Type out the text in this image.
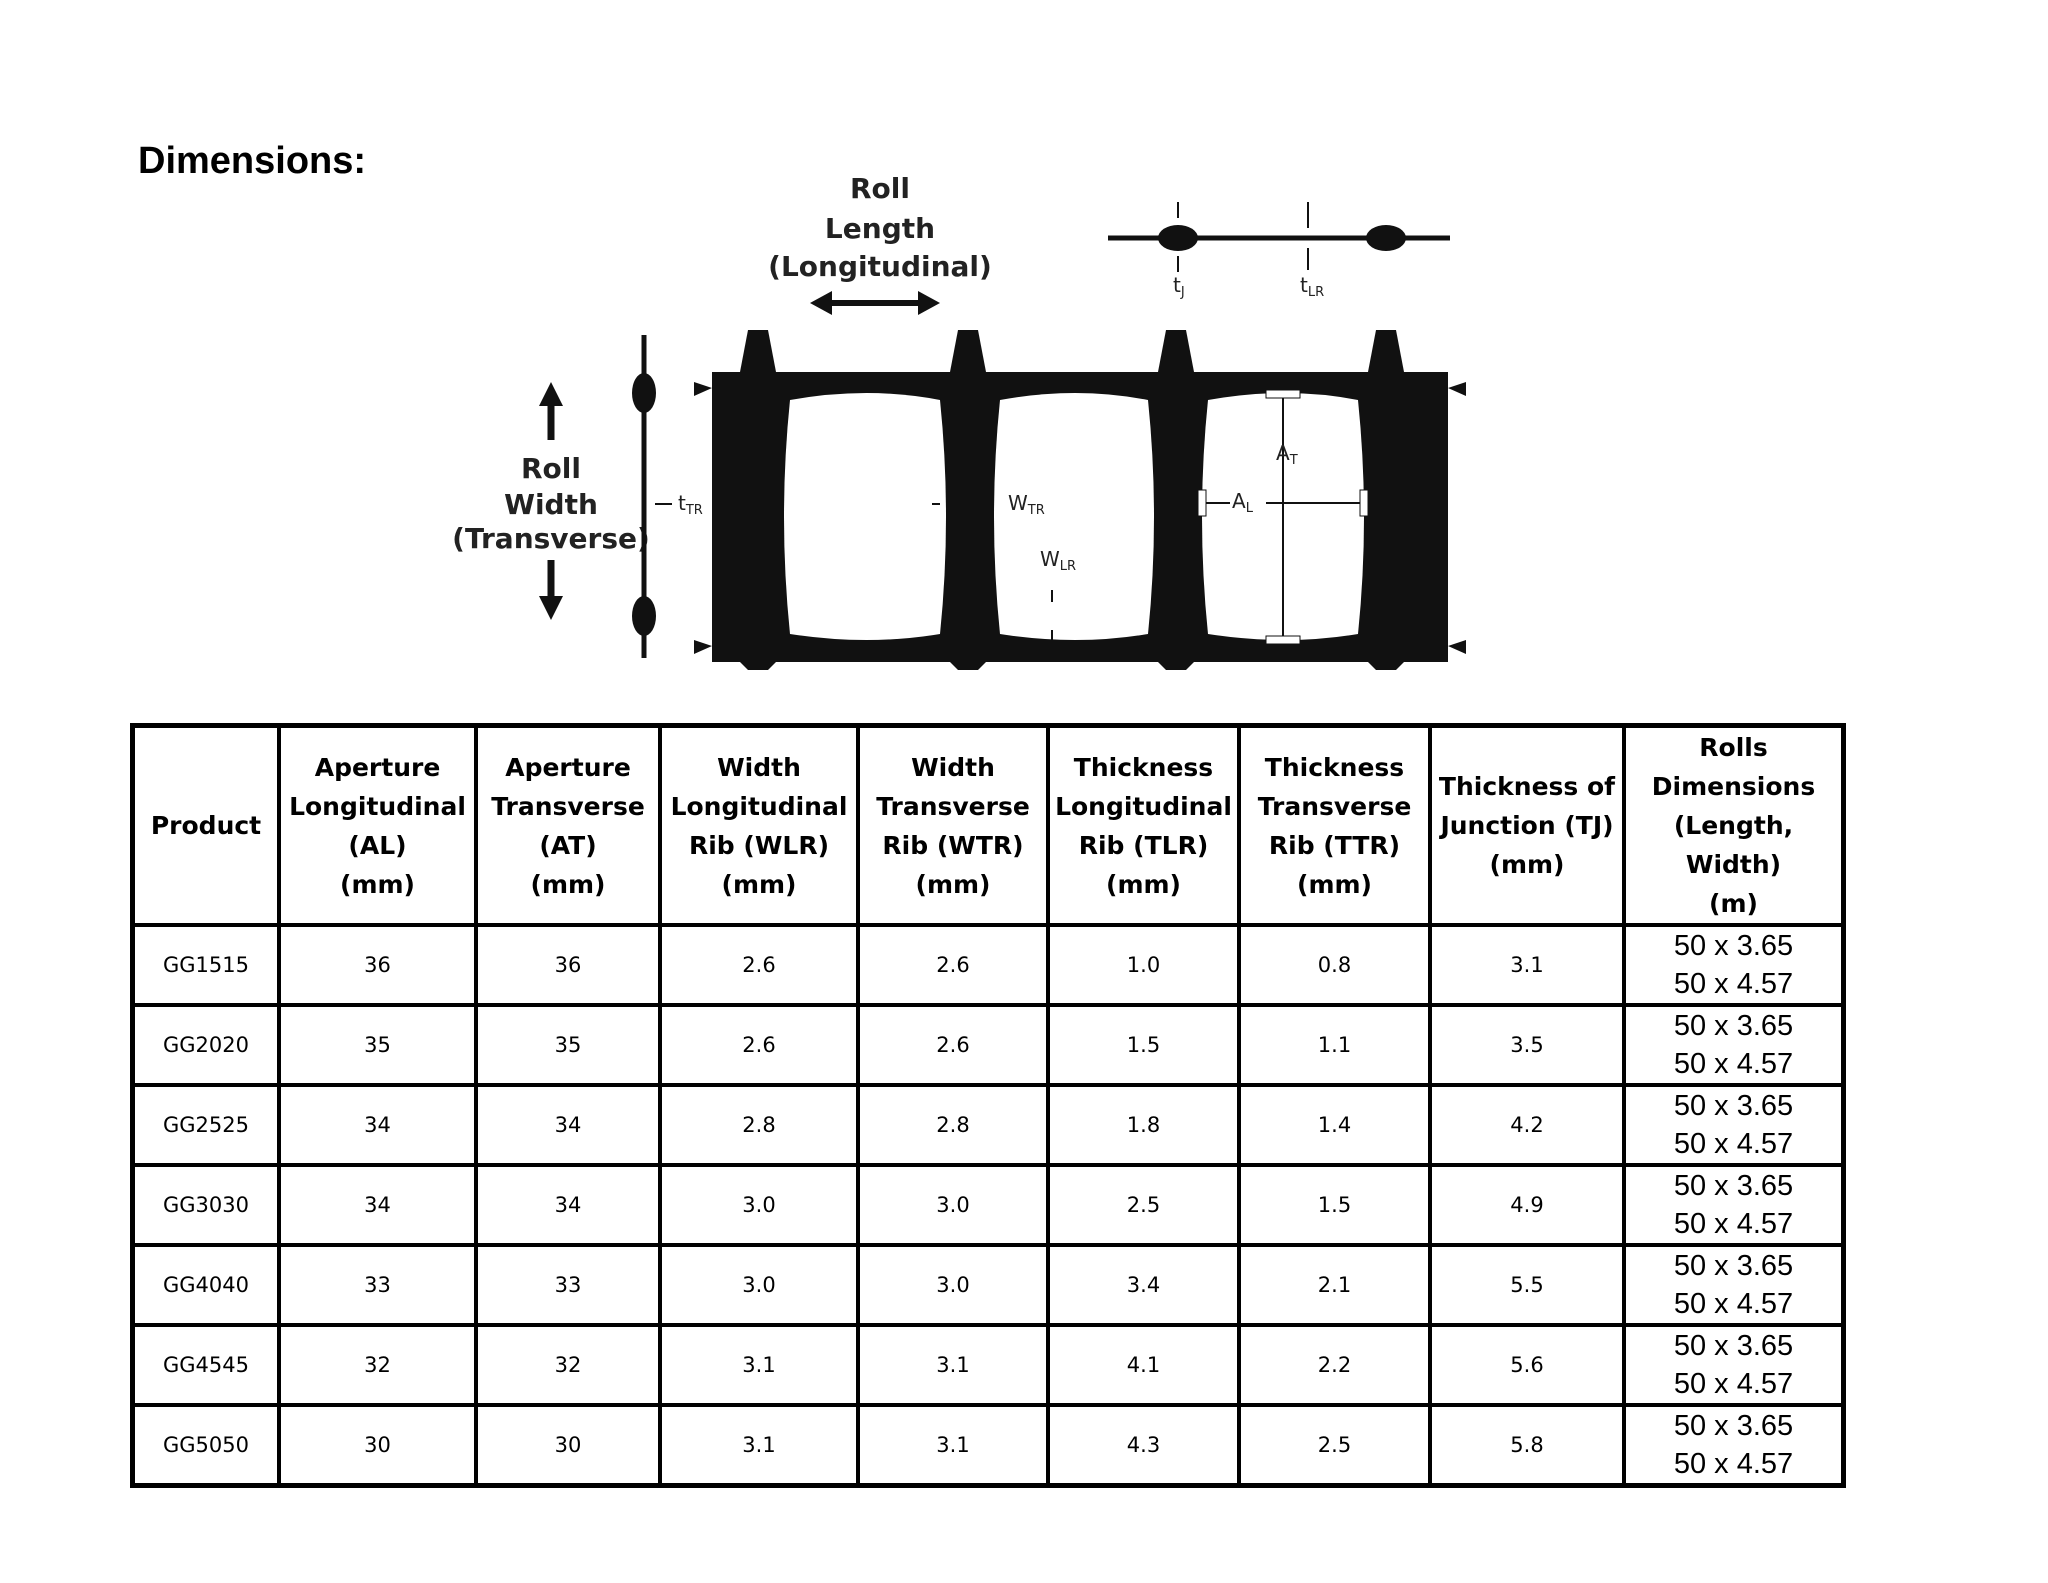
Dimensions:
Roll
Length
(Longitudinal)
$t_J$	$t_{LR}$
Roll
Width
(Transverse)
$t_{TR}$
$A_T$
$A_L$
$W_{TR}$
$W_{LR}$
Product	Aperture
Longitudinal
(AL)
(mm)	Aperture
Transverse
(AT)
(mm)	Width
Longitudinal
Rib (WLR)
(mm)	Width
Transverse
Rib (WTR)
(mm)	Thickness
Longitudinal
Rib (TLR)
(mm)	Thickness
Transverse
Rib (TTR)
(mm)	Thickness of
Junction (TJ)
(mm)	Rolls
Dimensions
(Length, Width)
(m)

GG1515	36	36	2.6	2.6	1.0	0.8	3.1	50 x 3.65
50 x 4.57

GG2020	35	35	2.6	2.6	1.5	1.1	3.5	50 x 3.65
50 x 4.57

GG2525	34	34	2.8	2.8	1.8	1.4	4.2	50 x 3.65
50 x 4.57

GG3030	34	34	3.0	3.0	2.5	1.5	4.9	50 x 3.65
50 x 4.57

GG4040	33	33	3.0	3.0	3.4	2.1	5.5	50 x 3.65
50 x 4.57

GG4545	32	32	3.1	3.1	4.1	2.2	5.6	50 x 3.65
50 x 4.57

GG5050	30	30	3.1	3.1	4.3	2.5	5.8	50 x 3.65
50 x 4.57
